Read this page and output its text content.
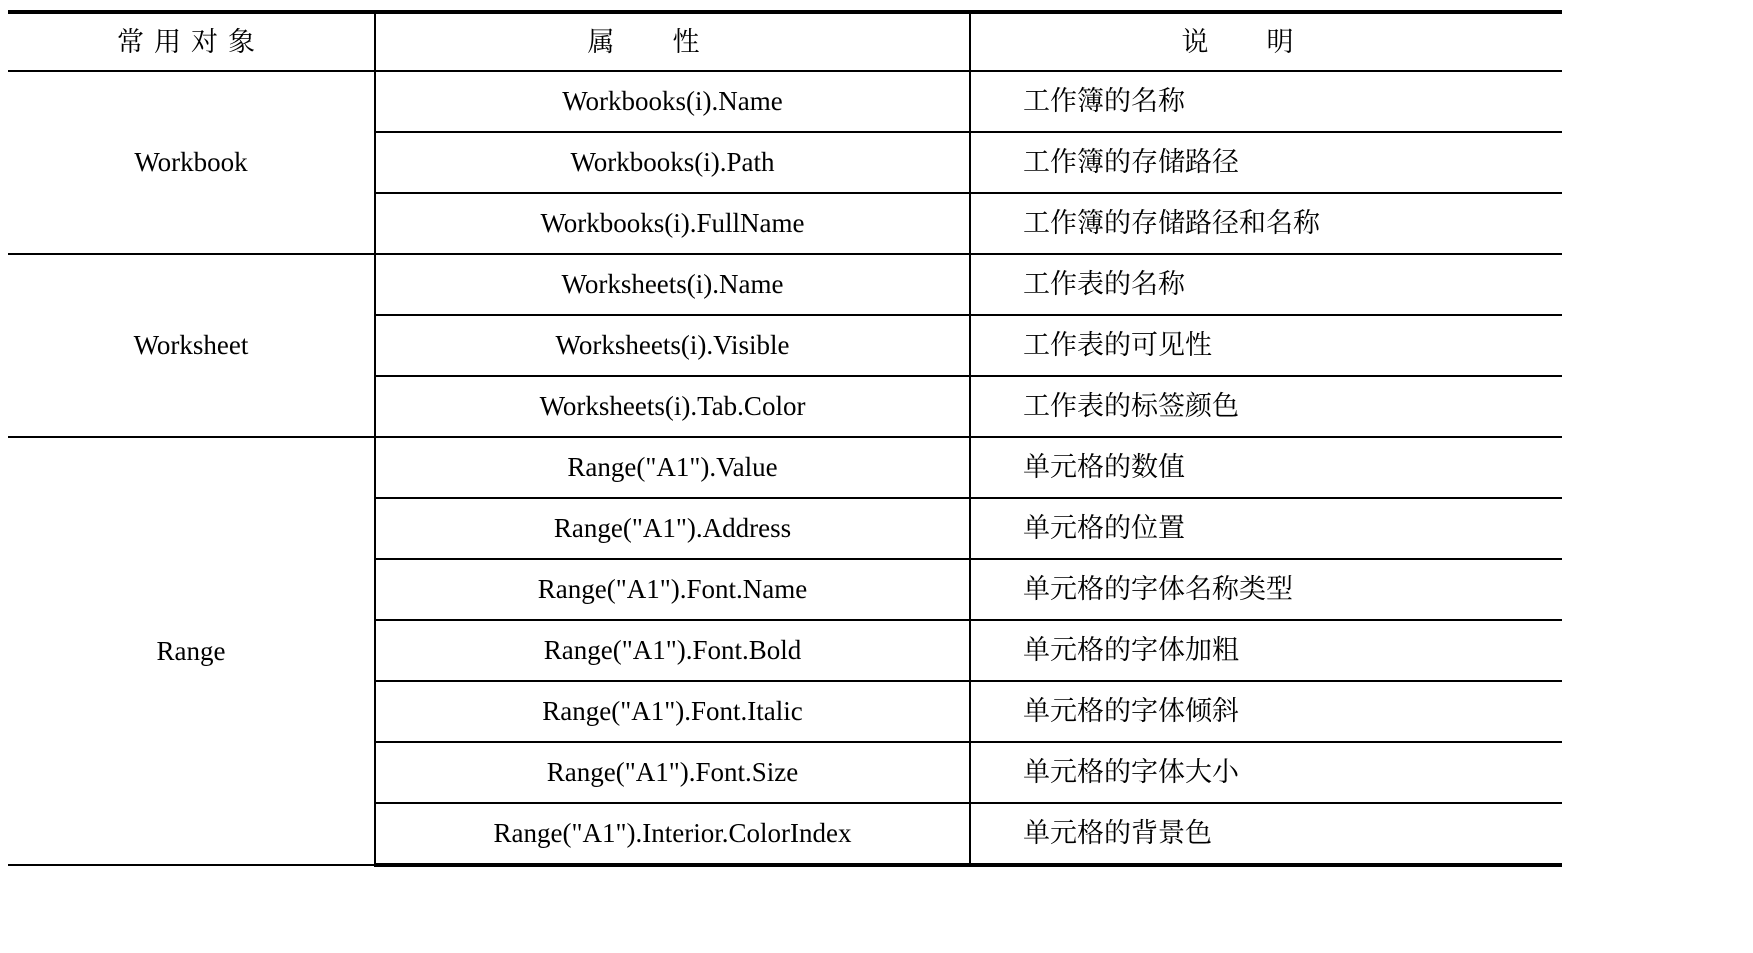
常用对象	属性	说明
Workbook	Workbooks(i).Name	工作簿的名称
	Workbooks(i).Path	工作簿的存储路径
	Workbooks(i).FullName	工作簿的存储路径和名称
Worksheet	Worksheets(i).Name	工作表的名称
	Worksheets(i).Visible	工作表的可见性
	Worksheets(i).Tab.Color	工作表的标签颜色
Range	Range("A1").Value	单元格的数值
	Range("A1").Address	单元格的位置
	Range("A1").Font.Name	单元格的字体名称类型
	Range("A1").Font.Bold	单元格的字体加粗
	Range("A1").Font.Italic	单元格的字体倾斜
	Range("A1").Font.Size	单元格的字体大小
	Range("A1").Interior.ColorIndex	单元格的背景色
